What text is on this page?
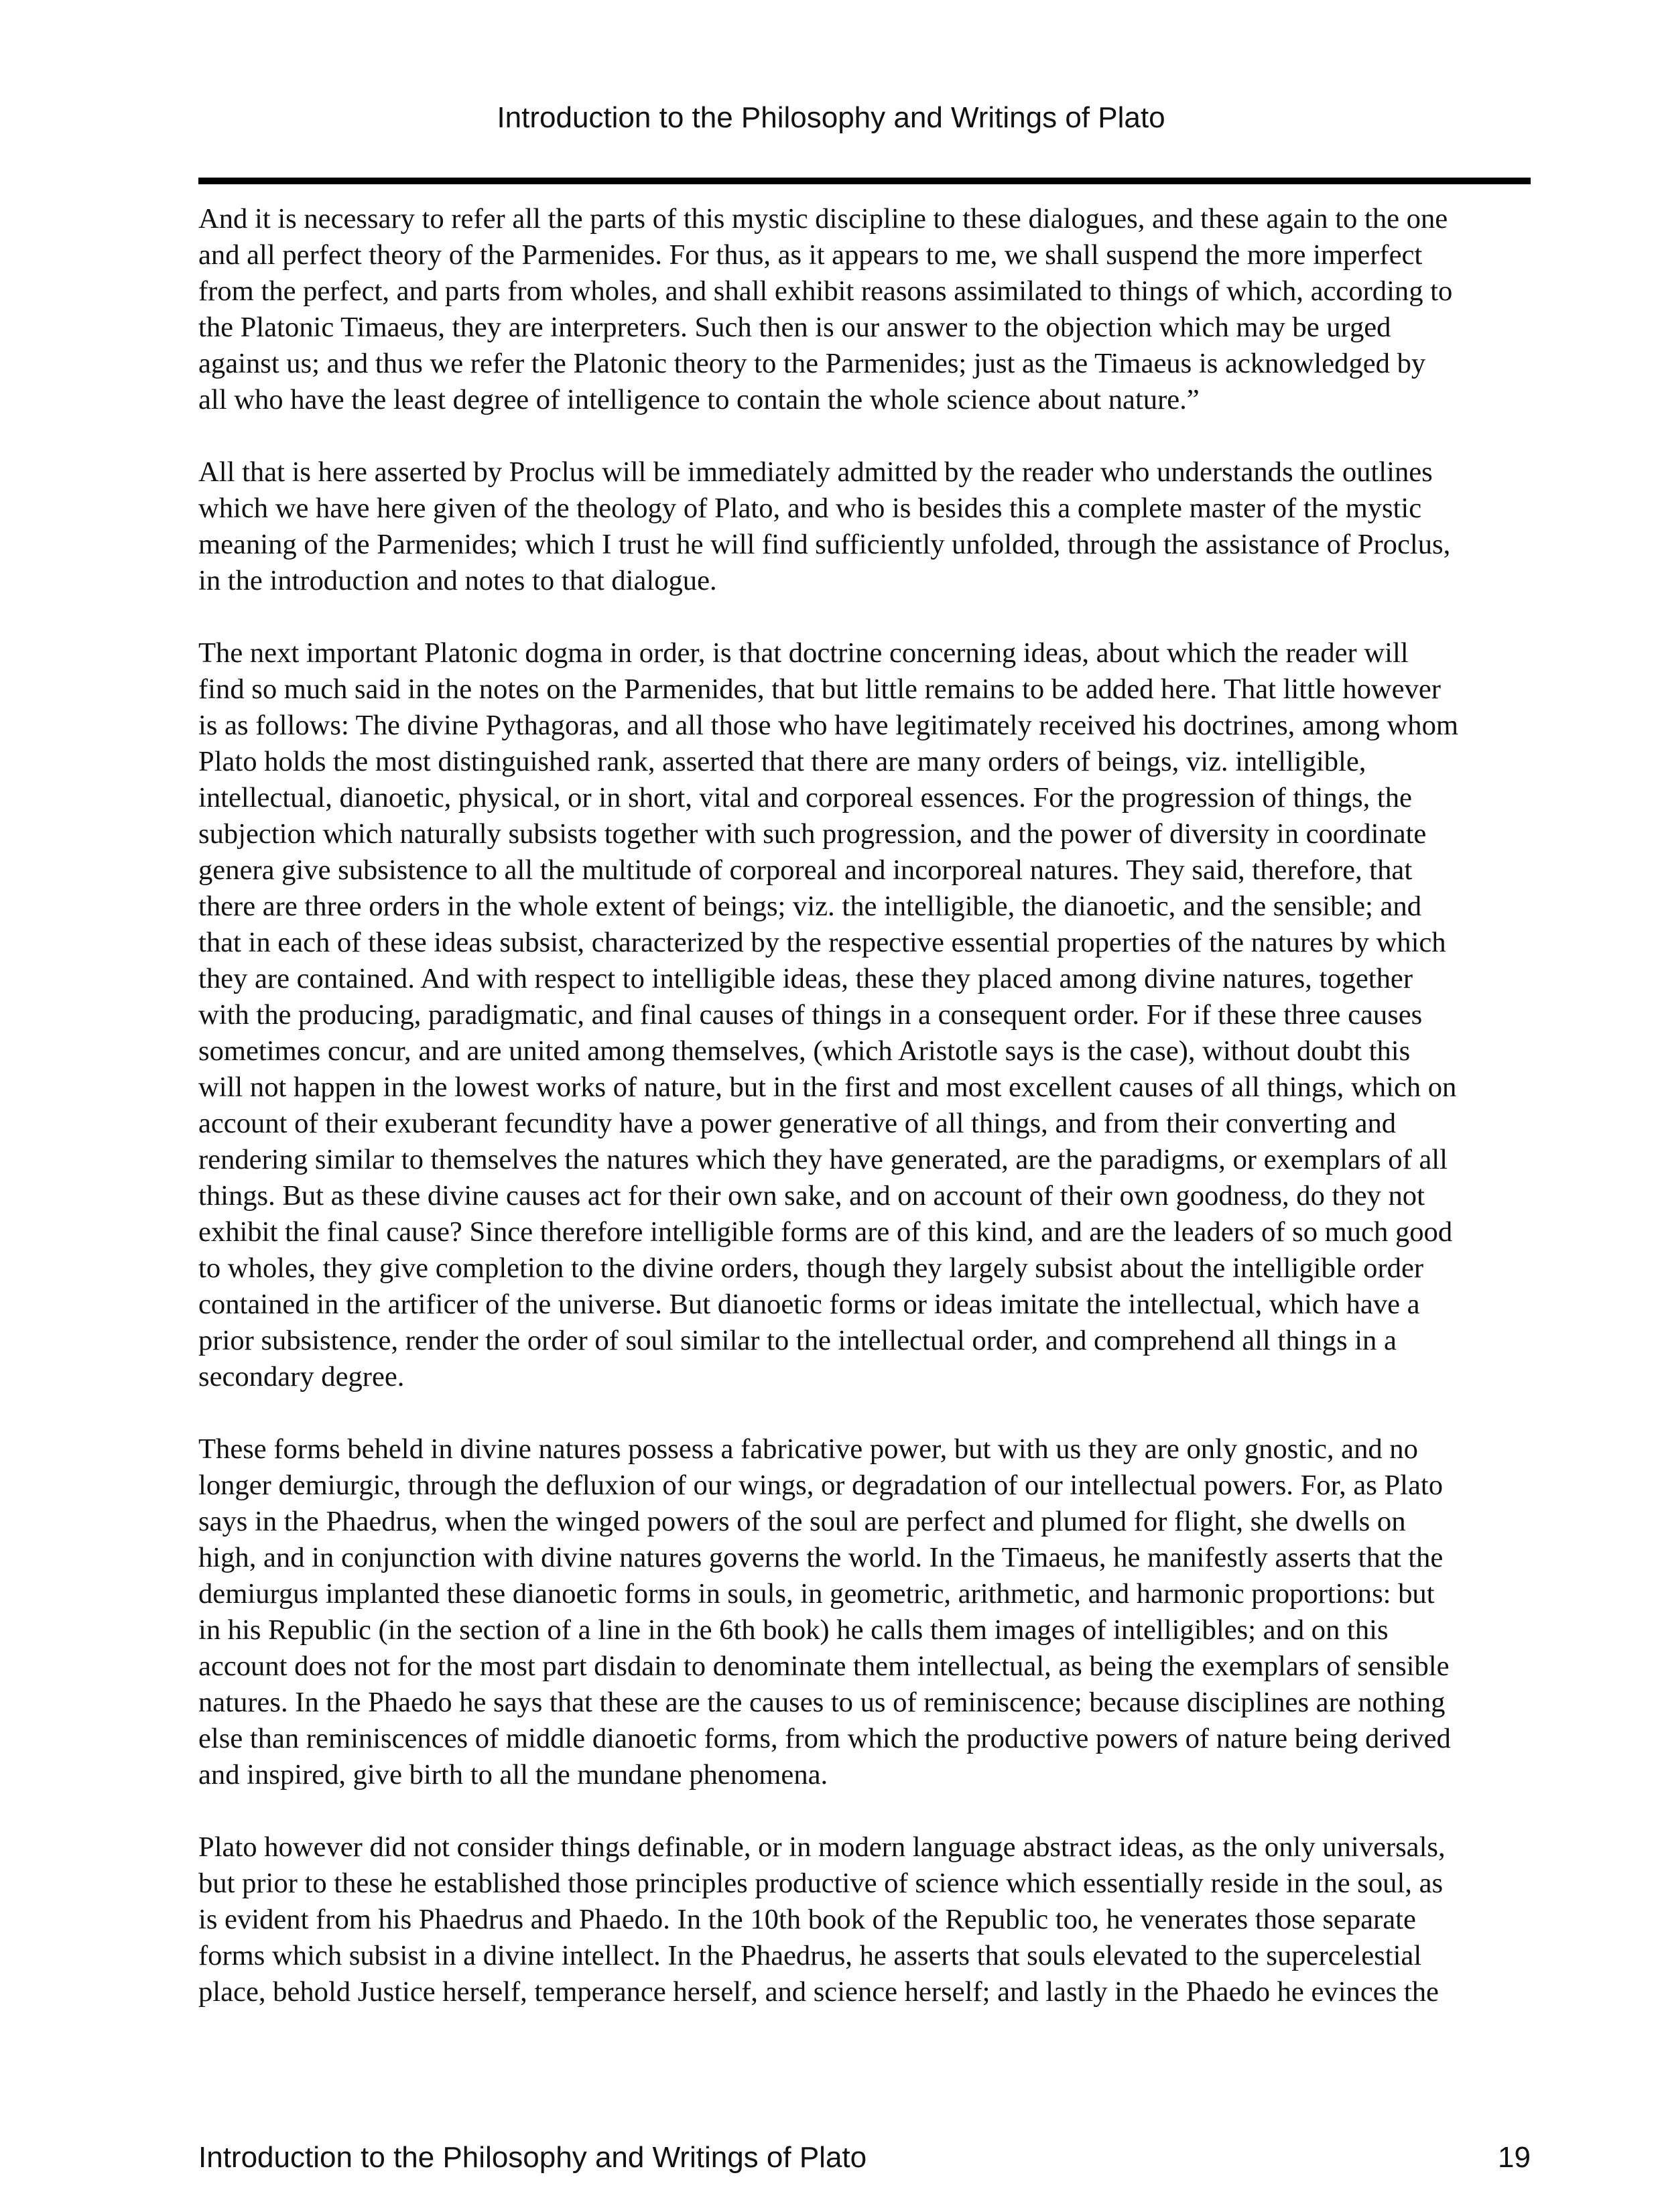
Introduction to the Philosophy and Writings of Plato

And it is necessary to refer all the parts of this mystic discipline to these dialogues, and these again to the one
and all perfect theory of the Parmenides. For thus, as it appears to me, we shall suspend the more imperfect
from the perfect, and parts from wholes, and shall exhibit reasons assimilated to things of which, according to
the Platonic Timaeus, they are interpreters. Such then is our answer to the objection which may be urged
against us; and thus we refer the Platonic theory to the Parmenides; just as the Timaeus is acknowledged by
all who have the least degree of intelligence to contain the whole science about nature.”

All that is here asserted by Proclus will be immediately admitted by the reader who understands the outlines
which we have here given of the theology of Plato, and who is besides this a complete master of the mystic
meaning of the Parmenides; which I trust he will find sufficiently unfolded, through the assistance of Proclus,
in the introduction and notes to that dialogue.

The next important Platonic dogma in order, is that doctrine concerning ideas, about which the reader will
find so much said in the notes on the Parmenides, that but little remains to be added here. That little however
is as follows: The divine Pythagoras, and all those who have legitimately received his doctrines, among whom
Plato holds the most distinguished rank, asserted that there are many orders of beings, viz. intelligible,
intellectual, dianoetic, physical, or in short, vital and corporeal essences. For the progression of things, the
subjection which naturally subsists together with such progression, and the power of diversity in coordinate
genera give subsistence to all the multitude of corporeal and incorporeal natures. They said, therefore, that
there are three orders in the whole extent of beings; viz. the intelligible, the dianoetic, and the sensible; and
that in each of these ideas subsist, characterized by the respective essential properties of the natures by which
they are contained. And with respect to intelligible ideas, these they placed among divine natures, together
with the producing, paradigmatic, and final causes of things in a consequent order. For if these three causes
sometimes concur, and are united among themselves, (which Aristotle says is the case), without doubt this
will not happen in the lowest works of nature, but in the first and most excellent causes of all things, which on
account of their exuberant fecundity have a power generative of all things, and from their converting and
rendering similar to themselves the natures which they have generated, are the paradigms, or exemplars of all
things. But as these divine causes act for their own sake, and on account of their own goodness, do they not
exhibit the final cause? Since therefore intelligible forms are of this kind, and are the leaders of so much good
to wholes, they give completion to the divine orders, though they largely subsist about the intelligible order
contained in the artificer of the universe. But dianoetic forms or ideas imitate the intellectual, which have a
prior subsistence, render the order of soul similar to the intellectual order, and comprehend all things in a
secondary degree.

These forms beheld in divine natures possess a fabricative power, but with us they are only gnostic, and no
longer demiurgic, through the defluxion of our wings, or degradation of our intellectual powers. For, as Plato
says in the Phaedrus, when the winged powers of the soul are perfect and plumed for flight, she dwells on
high, and in conjunction with divine natures governs the world. In the Timaeus, he manifestly asserts that the
demiurgus implanted these dianoetic forms in souls, in geometric, arithmetic, and harmonic proportions: but
in his Republic (in the section of a line in the 6th book) he calls them images of intelligibles; and on this
account does not for the most part disdain to denominate them intellectual, as being the exemplars of sensible
natures. In the Phaedo he says that these are the causes to us of reminiscence; because disciplines are nothing
else than reminiscences of middle dianoetic forms, from which the productive powers of nature being derived
and inspired, give birth to all the mundane phenomena.

Plato however did not consider things definable, or in modern language abstract ideas, as the only universals,
but prior to these he established those principles productive of science which essentially reside in the soul, as
is evident from his Phaedrus and Phaedo. In the 10th book of the Republic too, he venerates those separate
forms which subsist in a divine intellect. In the Phaedrus, he asserts that souls elevated to the supercelestial
place, behold Justice herself, temperance herself, and science herself; and lastly in the Phaedo he evinces the

Introduction to the Philosophy and Writings of Plato	19
